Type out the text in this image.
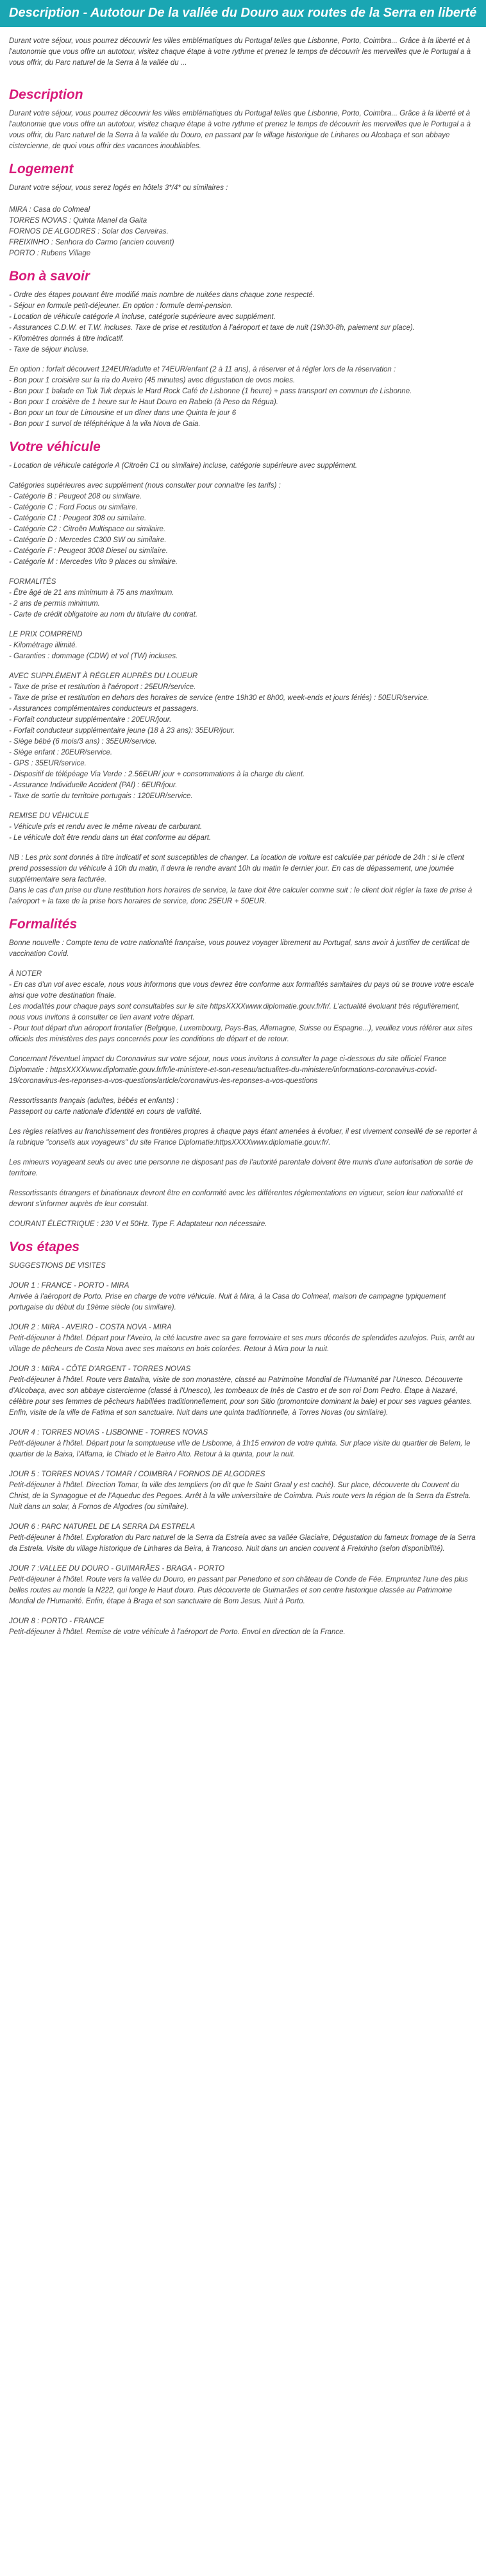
Description - Autotour De la vallée du Douro aux routes de la Serra en liberté

Durant votre séjour, vous pourrez découvrir les villes emblématiques du Portugal telles que Lisbonne, Porto, Coimbra... Grâce à la liberté et à l'autonomie que vous offre un autotour, visitez chaque étape à votre rythme et prenez le temps de découvrir les merveilles que le Portugal a à vous offrir, du Parc naturel de la Serra à la vallée du ...

Description

Durant votre séjour, vous pourrez découvrir les villes emblématiques du Portugal telles que Lisbonne, Porto, Coimbra... Grâce à la liberté et à l'autonomie que vous offre un autotour, visitez chaque étape à votre rythme et prenez le temps de découvrir les merveilles que le Portugal a à vous offrir, du Parc naturel de la Serra à la vallée du Douro, en passant par le village historique de Linhares ou Alcobaça et son abbaye cistercienne, de quoi vous offrir des vacances inoubliables.

Logement

Durant votre séjour, vous serez logés en hôtels 3*/4* ou similaires :
MIRA : Casa do Colmeal
TORRES NOVAS : Quinta Manel da Gaita
FORNOS DE ALGODRES : Solar dos Cerveiras.
FREIXINHO : Senhora do Carmo (ancien couvent)
PORTO : Rubens Village

Bon à savoir

- Ordre des étapes pouvant être modifié mais nombre de nuitées dans chaque zone respecté.
- Séjour en formule petit-déjeuner. En option : formule demi-pension.
- Location de véhicule catégorie A incluse, catégorie supérieure avec supplément.
- Assurances C.D.W. et T.W. incluses. Taxe de prise et restitution à l'aéroport et taxe de nuit (19h30-8h, paiement sur place).
- Kilomètres donnés à titre indicatif.
- Taxe de séjour incluse.

En option : forfait découvert 124EUR/adulte et 74EUR/enfant (2 à 11 ans), à réserver et à régler lors de la réservation :
- Bon pour 1 croisière sur la ria do Aveiro (45 minutes) avec dégustation de ovos moles.
- Bon pour 1 balade en Tuk Tuk depuis le Hard Rock Café de Lisbonne (1 heure) + pass transport en commun de Lisbonne.
- Bon pour 1 croisière de 1 heure sur le Haut Douro en Rabelo (à Peso da Régua).
- Bon pour un tour de Limousine et un dîner dans une Quinta le jour 6
- Bon pour 1 survol de téléphérique à la vila Nova de Gaia.

Votre véhicule

- Location de véhicule catégorie A (Citroën C1 ou similaire) incluse, catégorie supérieure avec supplément.

Catégories supérieures avec supplément (nous consulter pour connaitre les tarifs) :
- Catégorie B : Peugeot 208 ou similaire.
- Catégorie C : Ford Focus ou similaire.
- Catégorie C1 : Peugeot 308 ou similaire.
- Catégorie C2 : Citroën Multispace ou similaire.
- Catégorie D : Mercedes C300 SW ou similaire.
- Catégorie F : Peugeot 3008 Diesel ou similaire.
- Catégorie M : Mercedes Vito 9 places ou similaire.

FORMALITÉS
- Être âgé de 21 ans minimum à 75 ans maximum.
- 2 ans de permis minimum.
- Carte de crédit obligatoire au nom du titulaire du contrat.

LE PRIX COMPREND
- Kilométrage illimité.
- Garanties : dommage (CDW) et vol (TW) incluses.

AVEC SUPPLÉMENT À RÉGLER AUPRÈS DU LOUEUR
- Taxe de prise et restitution à l'aéroport : 25EUR/service.
- Taxe de prise et restitution en dehors des horaires de service (entre 19h30 et 8h00, week-ends et jours fériés) : 50EUR/service.
- Assurances complémentaires conducteurs et passagers.
- Forfait conducteur supplémentaire : 20EUR/jour.
- Forfait conducteur supplémentaire jeune (18 à 23 ans): 35EUR/jour.
- Siège bébé (6 mois/3 ans) : 35EUR/service.
- Siège enfant : 20EUR/service.
- GPS : 35EUR/service.
- Dispositif de télépéage Via Verde : 2.56EUR/ jour + consommations à la charge du client.
- Assurance Individuelle Accident (PAI) : 6EUR/jour.
- Taxe de sortie du territoire portugais : 120EUR/service.

REMISE DU VÉHICULE
- Véhicule pris et rendu avec le même niveau de carburant.
- Le véhicule doit être rendu dans un état conforme au départ.

NB : Les prix sont donnés à titre indicatif et sont susceptibles de changer. La location de voiture est calculée par période de 24h : si le client prend possession du véhicule à 10h du matin, il devra le rendre avant 10h du matin le dernier jour. En cas de dépassement, une journée supplémentaire sera facturée.
Dans le cas d'un prise ou d'une restitution hors horaires de service, la taxe doit être calculer comme suit : le client doit régler la taxe de prise à l'aéroport + la taxe de la prise hors horaires de service, donc 25EUR + 50EUR.

Formalités

Bonne nouvelle : Compte tenu de votre nationalité française, vous pouvez voyager librement au Portugal, sans avoir à justifier de certificat de vaccination Covid.

À NOTER
- En cas d'un vol avec escale, nous vous informons que vous devrez être conforme aux formalités sanitaires du pays où se trouve votre escale ainsi que votre destination finale.
Les modalités pour chaque pays sont consultables sur le site httpsXXXXwww.diplomatie.gouv.fr/fr/. L'actualité évoluant très régulièrement, nous vous invitons à consulter ce lien avant votre départ.
- Pour tout départ d'un aéroport frontalier (Belgique, Luxembourg, Pays-Bas, Allemagne, Suisse ou Espagne...), veuillez vous référer aux sites officiels des ministères des pays concernés pour les conditions de départ et de retour.

Concernant l'éventuel impact du Coronavirus sur votre séjour, nous vous invitons à consulter la page ci-dessous du site officiel France Diplomatie : httpsXXXXwww.diplomatie.gouv.fr/fr/le-ministere-et-son-reseau/actualites-du-ministere/informations-coronavirus-covid-19/coronavirus-les-reponses-a-vos-questions/article/coronavirus-les-reponses-a-vos-questions

Ressortissants français (adultes, bébés et enfants) :
Passeport ou carte nationale d'identité en cours de validité.

Les règles relatives au franchissement des frontières propres à chaque pays étant amenées à évoluer, il est vivement conseillé de se reporter à la rubrique "conseils aux voyageurs" du site France Diplomatie:httpsXXXXwww.diplomatie.gouv.fr/.

Les mineurs voyageant seuls ou avec une personne ne disposant pas de l'autorité parentale doivent être munis d'une autorisation de sortie de territoire.

Ressortissants étrangers et binationaux devront être en conformité avec les différentes réglementations en vigueur, selon leur nationalité et devront s'informer auprès de leur consulat.

COURANT ÉLECTRIQUE : 230 V et 50Hz. Type F. Adaptateur non nécessaire.

Vos étapes

SUGGESTIONS DE VISITES

JOUR 1 : FRANCE - PORTO - MIRA
Arrivée à l'aéroport de Porto. Prise en charge de votre véhicule. Nuit à Mira, à la Casa do Colmeal, maison de campagne typiquement portugaise du début du 19ème siècle (ou similaire).

JOUR 2 : MIRA - AVEIRO - COSTA NOVA - MIRA
Petit-déjeuner à l'hôtel. Départ pour l'Aveiro, la cité lacustre avec sa gare ferroviaire et ses murs décorés de splendides azulejos. Puis, arrêt au village de pêcheurs de Costa Nova avec ses maisons en bois colorées. Retour à Mira pour la nuit.

JOUR 3 : MIRA - CÔTE D'ARGENT - TORRES NOVAS
Petit-déjeuner à l'hôtel. Route vers Batalha, visite de son monastère, classé au Patrimoine Mondial de l'Humanité par l'Unesco. Découverte d'Alcobaça, avec son abbaye cistercienne (classé à l'Unesco), les tombeaux de Inês de Castro et de son roi Dom Pedro. Étape à Nazaré, célèbre pour ses femmes de pêcheurs habillées traditionnellement, pour son Sitio (promontoire dominant la baie) et pour ses vagues géantes. Enfin, visite de la ville de Fatima et son sanctuaire. Nuit dans une quinta traditionnelle, à Torres Novas (ou similaire).

JOUR 4 : TORRES NOVAS - LISBONNE - TORRES NOVAS
Petit-déjeuner à l'hôtel. Départ pour la somptueuse ville de Lisbonne, à 1h15 environ de votre quinta. Sur place visite du quartier de Belem, le quartier de la Baixa, l'Alfama, le Chiado et le Bairro Alto. Retour à la quinta, pour la nuit.

JOUR 5 : TORRES NOVAS / TOMAR / COIMBRA / FORNOS DE ALGODRES
Petit-déjeuner à l'hôtel. Direction Tomar, la ville des templiers (on dit que le Saint Graal y est caché). Sur place, découverte du Couvent du Christ, de la Synagogue et de l'Aqueduc des Pegoes. Arrêt à la ville universitaire de Coimbra. Puis route vers la région de la Serra da Estrela. Nuit dans un solar, à Fornos de Algodres (ou similaire).

JOUR 6 : PARC NATUREL DE LA SERRA DA ESTRELA
Petit-déjeuner à l'hôtel. Exploration du Parc naturel de la Serra da Estrela avec sa vallée Glaciaire, Dégustation du fameux fromage de la Serra da Estrela. Visite du village historique de Linhares da Beira, à Trancoso. Nuit dans un ancien couvent à Freixinho (selon disponibilité).

JOUR 7 :VALLEE DU DOURO - GUIMARÃES - BRAGA - PORTO
Petit-déjeuner à l'hôtel. Route vers la vallée du Douro, en passant par Penedono et son château de Conde de Fée. Empruntez l'une des plus belles routes au monde la N222, qui longe le Haut douro. Puis découverte de Guimarães et son centre historique classée au Patrimoine Mondial de l'Humanité. Enfin, étape à Braga et son sanctuaire de Bom Jesus. Nuit à Porto.

JOUR 8 : PORTO - FRANCE
Petit-déjeuner à l'hôtel. Remise de votre véhicule à l'aéroport de Porto. Envol en direction de la France.
